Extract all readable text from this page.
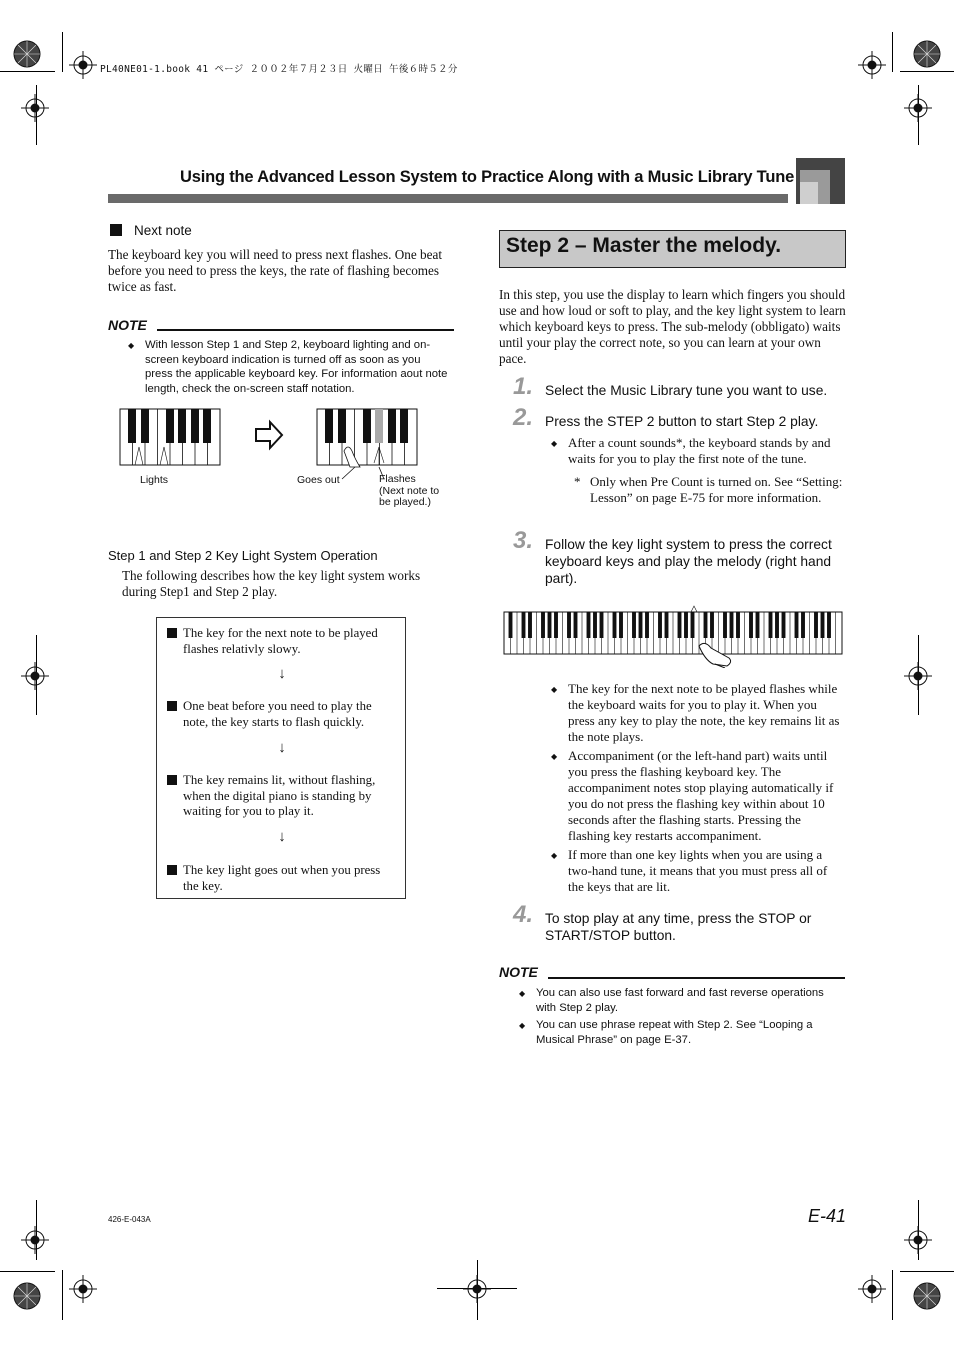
PL40NE01-1.book 41 ページ ２００２年７月２３日 火曜日 午後６時５２分
Using the Advanced Lesson System to Practice Along with a Music Library Tune
Next note
The keyboard key you will need to press next flashes. One beat before you need to press the keys, the rate of flashing becomes twice as fast.
NOTE
◆ With lesson Step 1 and Step 2, keyboard lighting and on-screen keyboard indication is turned off as soon as you press the applicable keyboard key. For information aout note length, check the on-screen staff notation.
Lights	Goes out	Flashes
(Next note to
be played.)
Step 1 and Step 2 Key Light System Operation
The following describes how the key light system works during Step1 and Step 2 play.
The key for the next note to be played flashes relativly slowy.
↓
One beat before you need to play the note, the key starts to flash quickly.
↓
The key remains lit, without flashing, when the digital piano is standing by waiting for you to play it.
↓
The key light goes out when you press the key.
Step 2 – Master the melody.
In this step, you use the display to learn which fingers you should use and how loud or soft to play, and the key light system to learn which keyboard keys to press. The sub-melody (obbligato) waits until your play the correct note, so you can learn at your own pace.
1. Select the Music Library tune you want to use.
2. Press the STEP 2 button to start Step 2 play.
◆ After a count sounds*, the keyboard stands by and waits for you to play the first note of the tune.
* Only when Pre Count is turned on. See “Setting: Lesson” on page E-75 for more information.
3. Follow the key light system to press the correct keyboard keys and play the melody (right hand part).
◆ The key for the next note to be played flashes while the keyboard waits for you to play it. When you press any key to play the note, the key remains lit as the note plays.
◆ Accompaniment (or the left-hand part) waits until you press the flashing keyboard key. The accompaniment notes stop playing automatically if you do not press the flashing key within about 10 seconds after the flashing starts. Pressing the flashing key restarts accompaniment.
◆ If more than one key lights when you are using a two-hand tune, it means that you must press all of the keys that are lit.
4. To stop play at any time, press the STOP or START/STOP button.
NOTE
◆ You can also use fast forward and fast reverse operations with Step 2 play.
◆ You can use phrase repeat with Step 2. See “Looping a Musical Phrase” on page E-37.
426-E-043A	E-41
